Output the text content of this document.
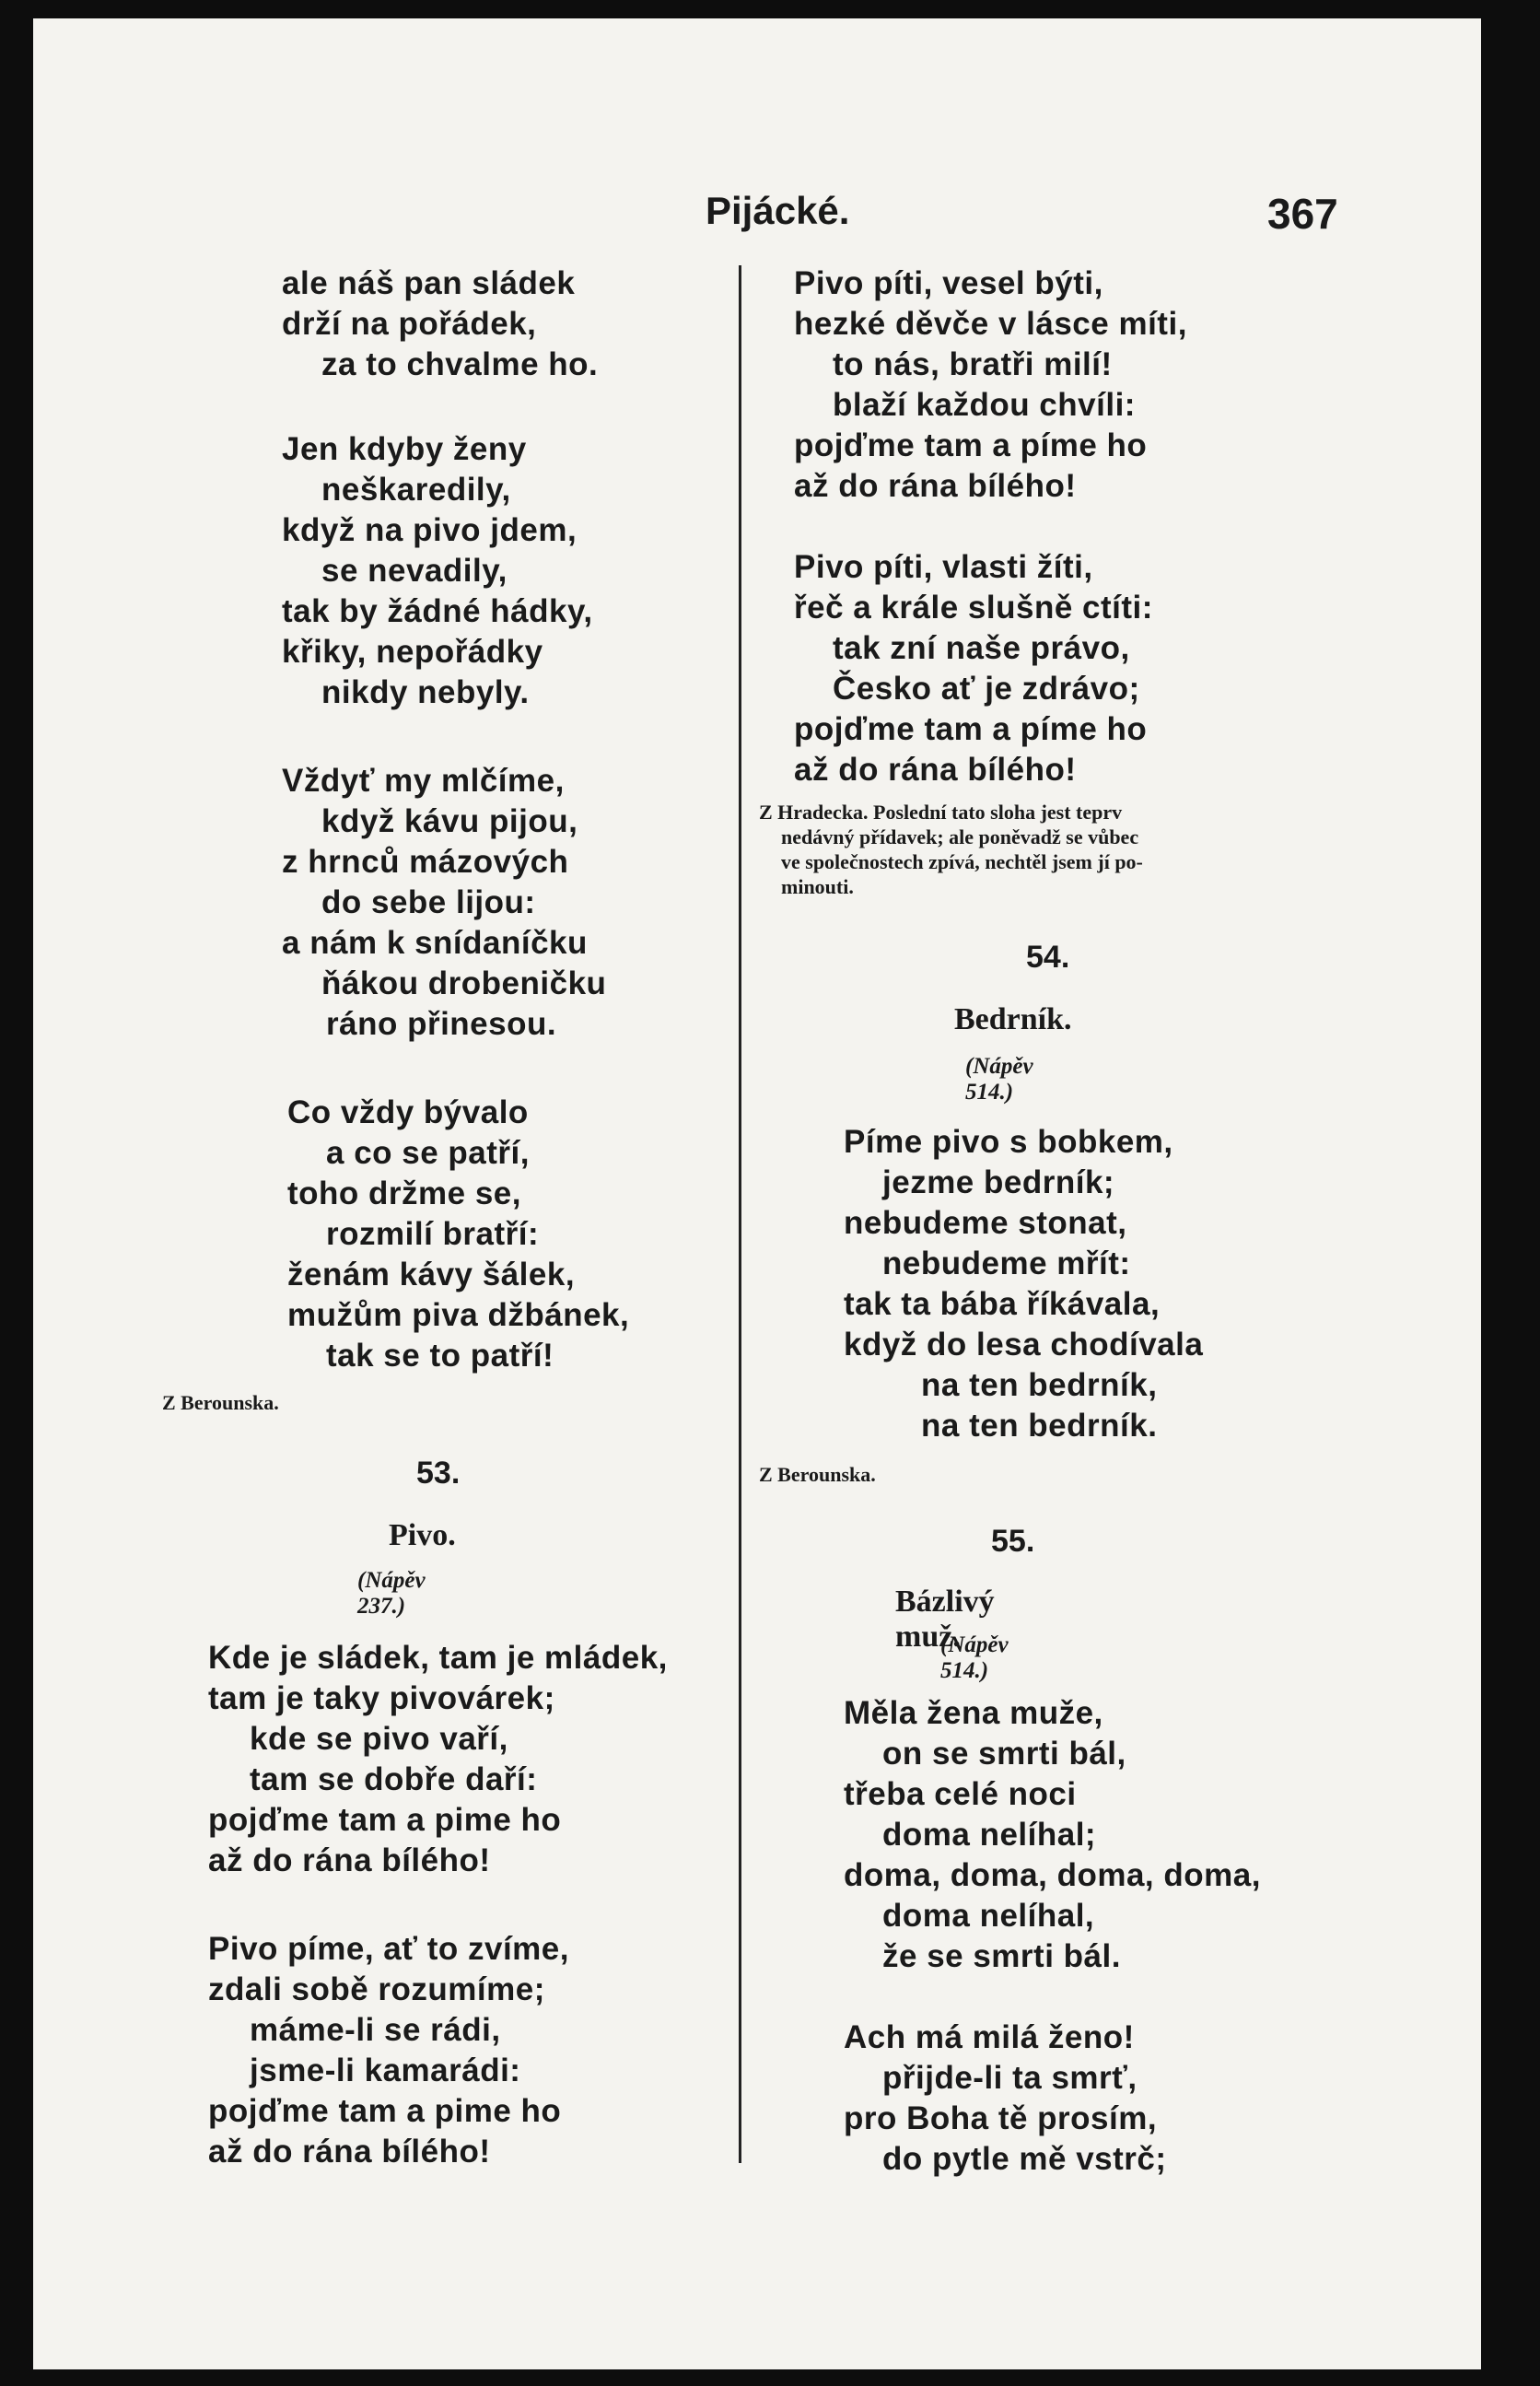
Pijácké.	367
ale náš pan sládek
drží na pořádek,
za to chvalme ho.
Jen kdyby ženy
neškaredily,
když na pivo jdem,
se nevadily,
tak by žádné hádky,
křiky, nepořádky
nikdy nebyly.
Vždyť my mlčíme,
když kávu pijou,
z hrnců mázových
do sebe lijou:
a nám k snídaníčku
ňákou drobeničku
ráno přinesou.
Co vždy bývalo
a co se patří,
toho držme se,
rozmilí bratří:
ženám kávy šálek,
mužům piva džbánek,
tak se to patří!
Z Berounska.
53.
Pivo.
(Nápěv 237.)
Kde je sládek, tam je mládek,
tam je taky pivovárek;
kde se pivo vaří,
tam se dobře daří:
pojďme tam a pime ho
až do rána bílého!
Pivo píme, ať to zvíme,
zdali sobě rozumíme;
máme-li se rádi,
jsme-li kamarádi:
pojďme tam a pime ho
až do rána bílého!
Pivo píti, vesel býti,
hezké děvče v lásce míti,
to nás, bratři milí!
blaží každou chvíli:
pojďme tam a píme ho
až do rána bílého!
Pivo píti, vlasti žíti,
řeč a krále slušně ctíti:
tak zní naše právo,
Česko ať je zdrávo;
pojďme tam a píme ho
až do rána bílého!
Z Hradecka. Poslední tato sloha jest teprv
nedávný přídavek; ale poněvadž se vůbec
ve společnostech zpívá, nechtěl jsem jí po-
minouti.
54.
Bedrník.
(Nápěv 514.)
Píme pivo s bobkem,
jezme bedrník;
nebudeme stonat,
nebudeme mřít:
tak ta bába říkávala,
když do lesa chodívala
na ten bedrník,
na ten bedrník.
Z Berounska.
55.
Bázlivý muž.
(Nápěv 514.)
Měla žena muže,
on se smrti bál,
třeba celé noci
doma nelíhal;
doma, doma, doma, doma,
doma nelíhal,
že se smrti bál.
Ach má milá ženo!
přijde-li ta smrť,
pro Boha tě prosím,
do pytle mě vstrč;
